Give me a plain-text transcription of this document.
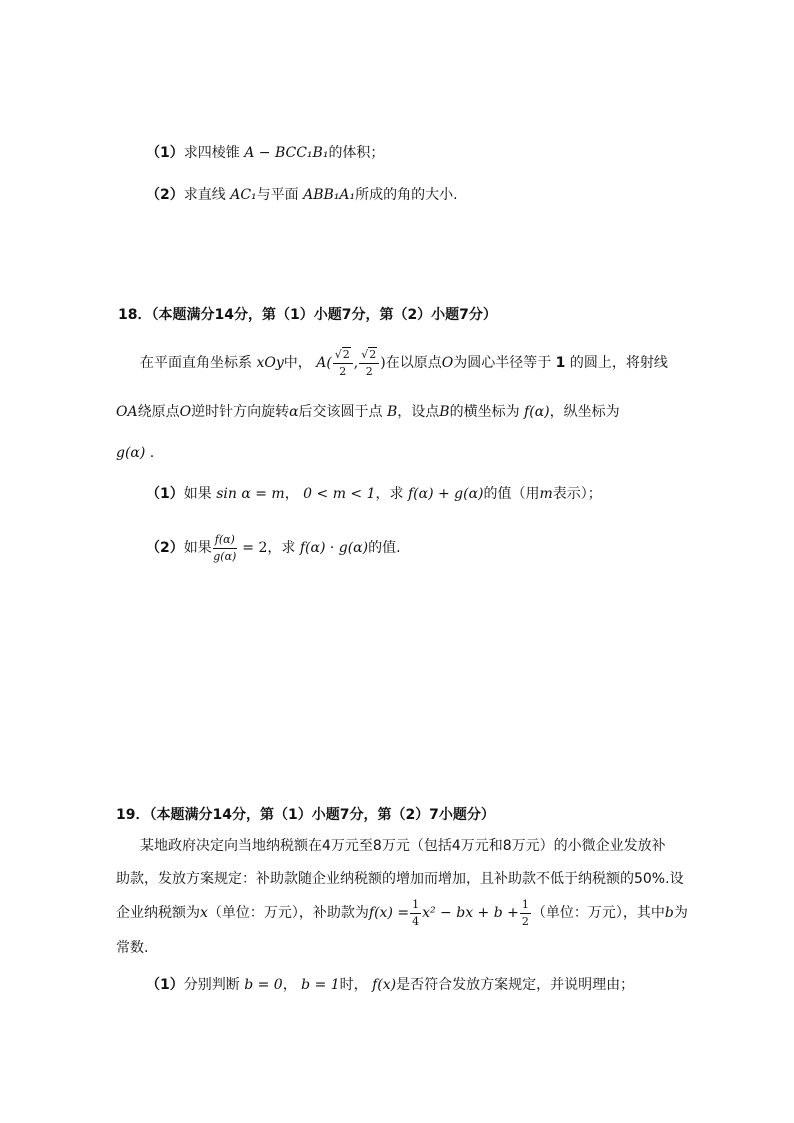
（1）求四棱锥 A − BCC₁B₁的体积；
（2）求直线 AC₁与平面 ABB₁A₁所成的角的大小.
18．（本题满分14分，第（1）小题7分，第（2）小题7分）
在平面直角坐标系 xOy中， $A( \frac{√2}{2}$ , $\frac{√2}{2}$ )在以原点O为圆心半径等于 1 的圆上，将射线
OA绕原点O逆时针方向旋转α后交该圆于点 B，设点B的横坐标为 f(α)，纵坐标为
g(α) .
（1）如果 sin α = m， 0 < m < 1，求 f(α) + g(α)的值（用m表示）；
（2）如果 $\frac{f(\alpha)}{g(\alpha)} = 2$，求 f(α) · g(α)的值.
19．（本题满分14分，第（1）小题7分，第（2）7小题分）
某地政府决定向当地纳税额在4万元至8万元（包括4万元和8万元）的小微企业发放补
助款，发放方案规定：补助款随企业纳税额的增加而增加，且补助款不低于纳税额的50%.设
企业纳税额为x（单位：万元），补助款为$f(x) = \frac{1}{4} x^2$ − bx + $b + \frac{1}{2}$ （单位：万元），其中b为
常数.
（1）分别判断 b = 0， b = 1时， f(x)是否符合发放方案规定，并说明理由；
